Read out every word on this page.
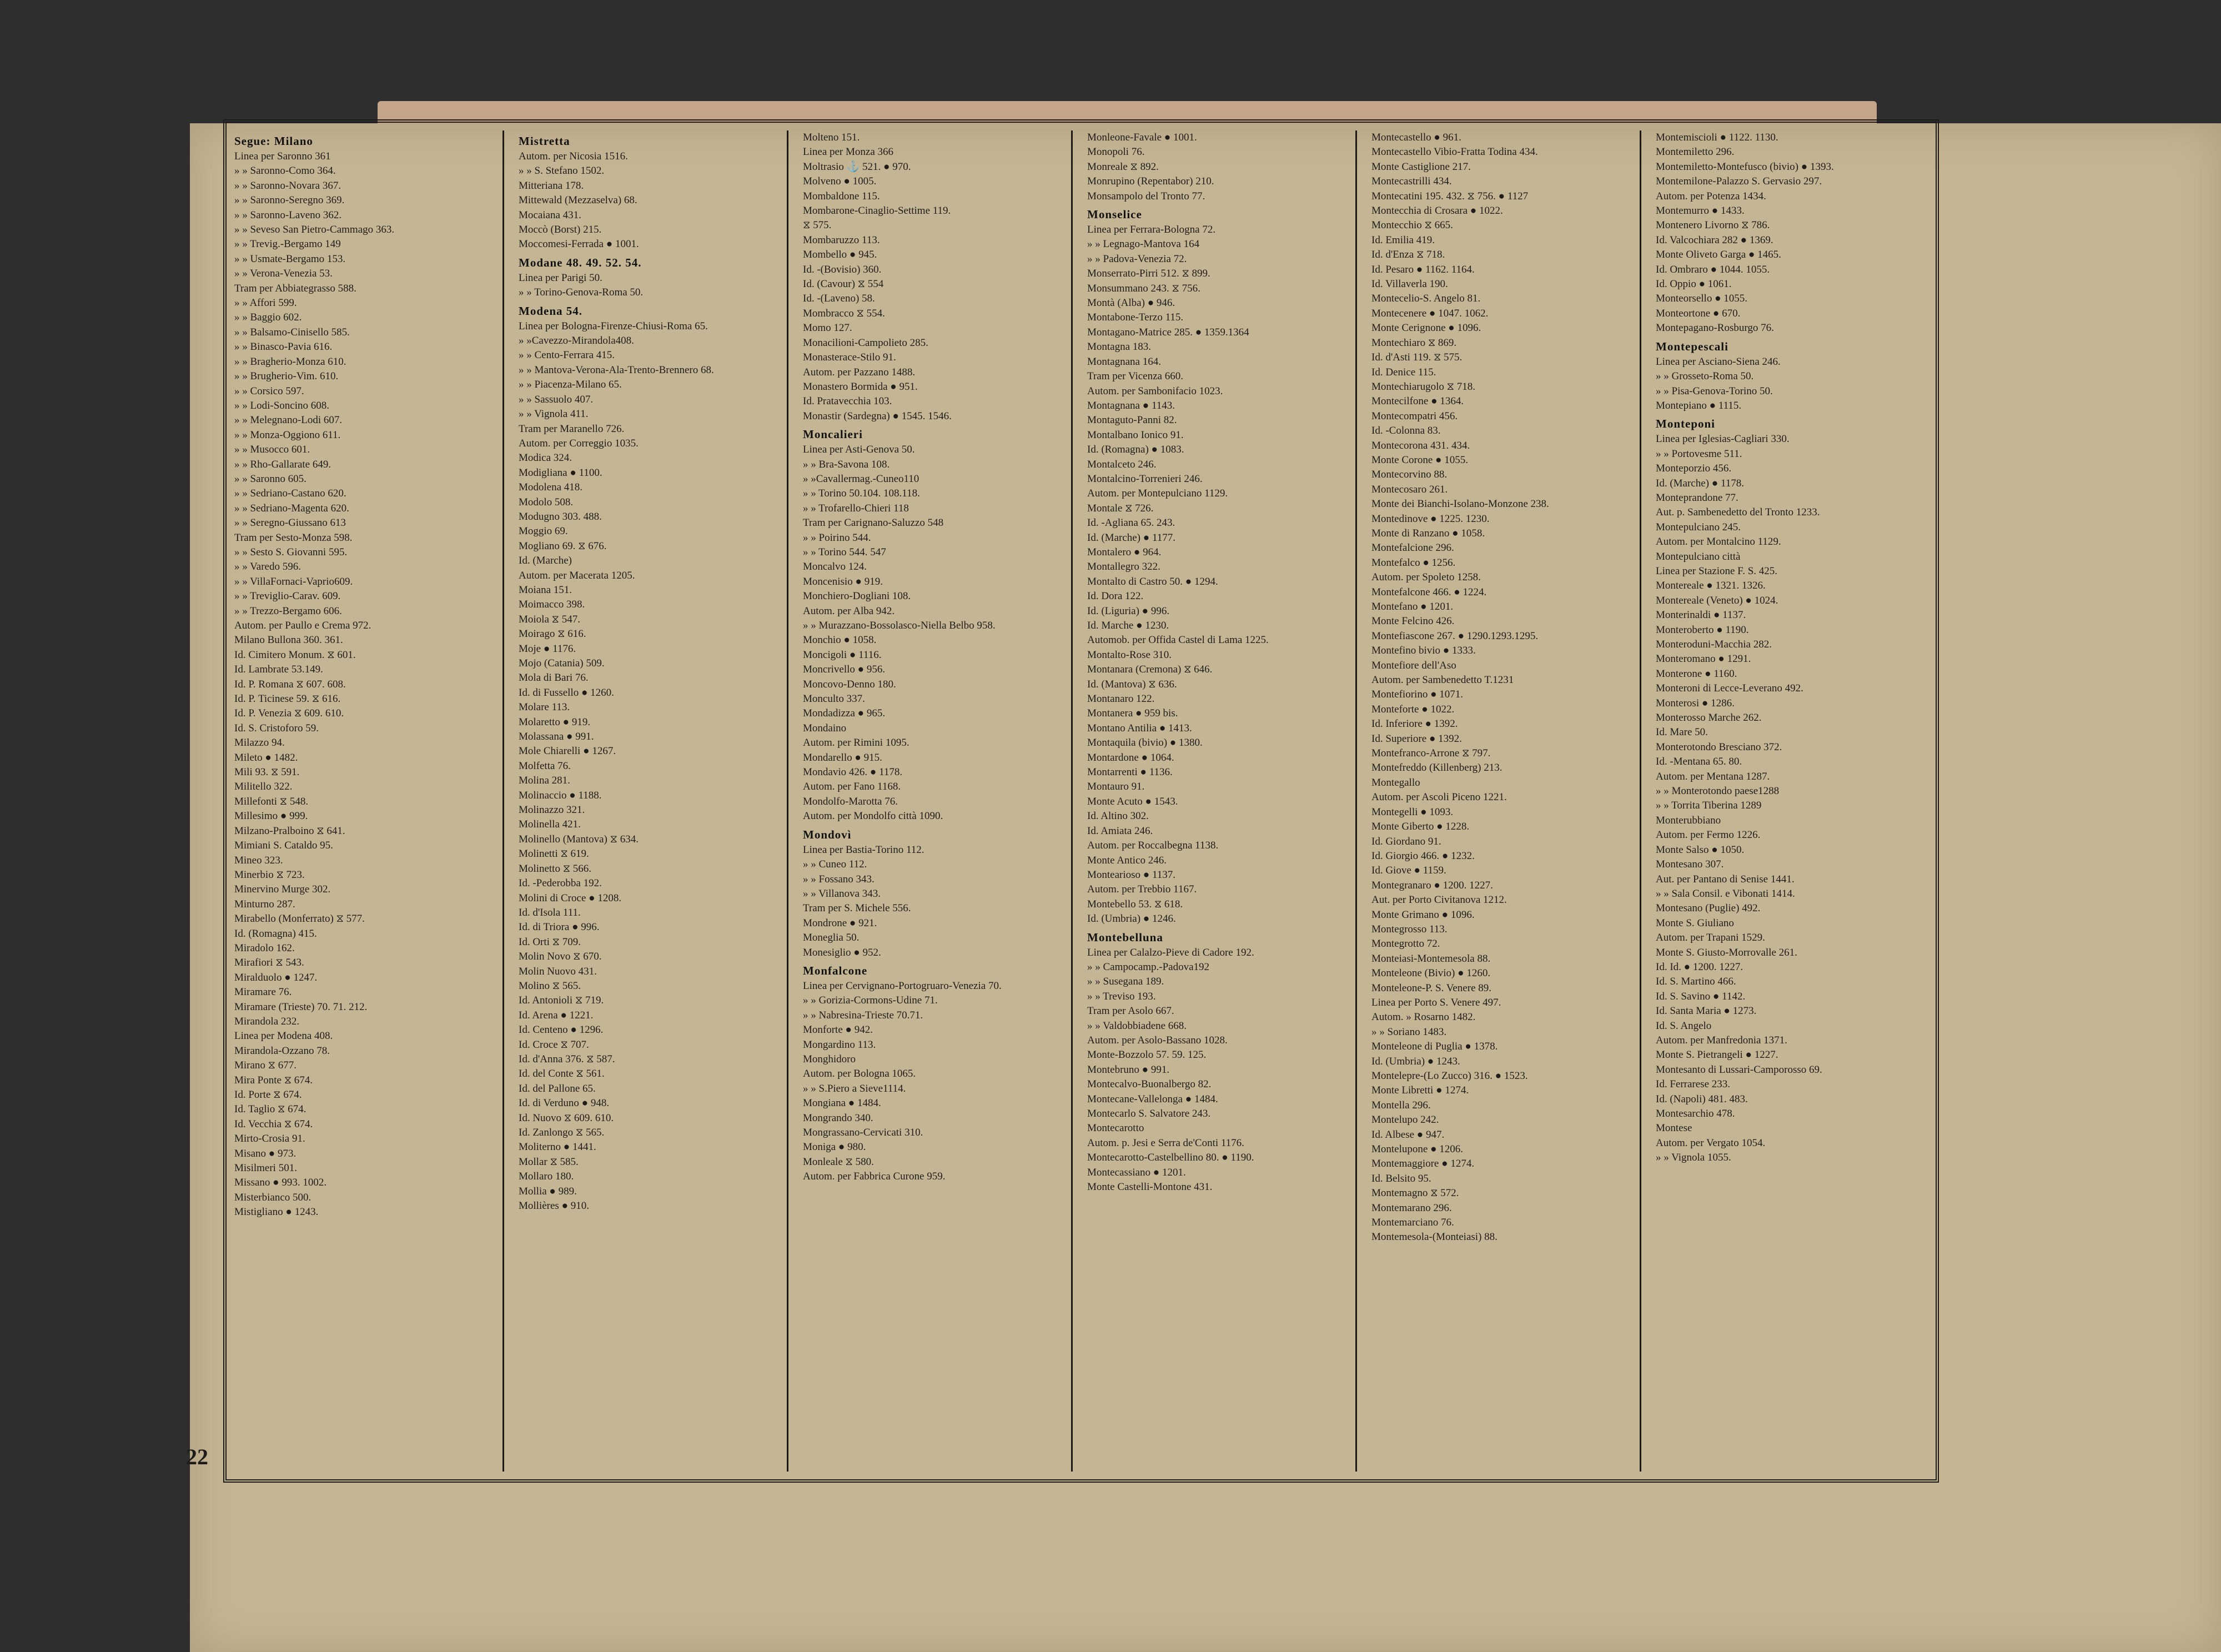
22
Segue: Milano
Linea per Saronno 361
» » Saronno-Como 364.
» » Saronno-Novara 367.
» » Saronno-Seregno 369.
» » Saronno-Laveno 362.
» » Seveso San Pietro-Cammago 363.
» » Trevig.-Bergamo 149
» » Usmate-Bergamo 153.
» » Verona-Venezia 53.
Tram per Abbiategrasso 588.
» » Affori 599.
» » Baggio 602.
» » Balsamo-Cinisello 585.
» » Binasco-Pavia 616.
» » Bragherio-Monza 610.
» » Brugherio-Vim. 610.
» » Corsico 597.
» » Lodi-Soncino 608.
» » Melegnano-Lodi 607.
» » Monza-Oggiono 611.
» » Musocco 601.
» » Rho-Gallarate 649.
» » Saronno 605.
» » Sedriano-Castano 620.
» » Sedriano-Magenta 620.
» » Seregno-Giussano 613
Tram per Sesto-Monza 598.
» » Sesto S. Giovanni 595.
» » Varedo 596.
» » VillaFornaci-Vaprio609.
» » Treviglio-Carav. 609.
» » Trezzo-Bergamo 606.
Autom. per Paullo e Crema 972.
Milano Bullona 360. 361.
Id. Cimitero Monum. ⧖ 601.
Id. Lambrate 53.149.
Id. P. Romana ⧖ 607. 608.
Id. P. Ticinese 59. ⧖ 616.
Id. P. Venezia ⧖ 609. 610.
Id. S. Cristoforo 59.
Milazzo 94.
Mileto ● 1482.
Mili 93. ⧖ 591.
Militello 322.
Millefonti ⧖ 548.
Millesimo ● 999.
Milzano-Pralboino ⧖ 641.
Mimiani S. Cataldo 95.
Mineo 323.
Minerbio ⧖ 723.
Minervino Murge 302.
Minturno 287.
Mirabello (Monferrato) ⧖ 577.
Id. (Romagna) 415.
Miradolo 162.
Mirafiori ⧖ 543.
Miralduolo ● 1247.
Miramare 76.
Miramare (Trieste) 70. 71. 212.
Mirandola 232.
Linea per Modena 408.
Mirandola-Ozzano 78.
Mirano ⧖ 677.
Mira Ponte ⧖ 674.
Id. Porte ⧖ 674.
Id. Taglio ⧖ 674.
Id. Vecchia ⧖ 674.
Mirto-Crosia 91.
Misano ● 973.
Misilmeri 501.
Missano ● 993. 1002.
Misterbianco 500.
Mistigliano ● 1243.
Mistretta
Autom. per Nicosia 1516.
» » S. Stefano 1502.
Mitteriana 178.
Mittewald (Mezzaselva) 68.
Mocaiana 431.
Moccò (Borst) 215.
Moccomesi-Ferrada ● 1001.
Modane 48. 49. 52. 54.
Linea per Parigi 50.
» » Torino-Genova-Roma 50.
Modena 54.
Linea per Bologna-Firenze-Chiusi-Roma 65.
» »Cavezzo-Mirandola408.
» » Cento-Ferrara 415.
» » Mantova-Verona-Ala-Trento-Brennero 68.
» » Piacenza-Milano 65.
» » Sassuolo 407.
» » Vignola 411.
Tram per Maranello 726.
Autom. per Correggio 1035.
Modica 324.
Modigliana ● 1100.
Modolena 418.
Modolo 508.
Modugno 303. 488.
Moggio 69.
Mogliano 69. ⧖ 676.
Id. (Marche)
Autom. per Macerata 1205.
Moiana 151.
Moimacco 398.
Moiola ⧖ 547.
Moirago ⧖ 616.
Moje ● 1176.
Mojo (Catania) 509.
Mola di Bari 76.
Id. di Fussello ● 1260.
Molare 113.
Molaretto ● 919.
Molassana ● 991.
Mole Chiarelli ● 1267.
Molfetta 76.
Molina 281.
Molinaccio ● 1188.
Molinazzo 321.
Molinella 421.
Molinello (Mantova) ⧖ 634.
Molinetti ⧖ 619.
Molinetto ⧖ 566.
Id. -Pederobba 192.
Molini di Croce ● 1208.
Id. d'Isola 111.
Id. di Triora ● 996.
Id. Orti ⧖ 709.
Molin Novo ⧖ 670.
Molin Nuovo 431.
Molino ⧖ 565.
Id. Antonioli ⧖ 719.
Id. Arena ● 1221.
Id. Centeno ● 1296.
Id. Croce ⧖ 707.
Id. d'Anna 376. ⧖ 587.
Id. del Conte ⧖ 561.
Id. del Pallone 65.
Id. di Verduno ● 948.
Id. Nuovo ⧖ 609. 610.
Id. Zanlongo ⧖ 565.
Moliterno ● 1441.
Mollar ⧖ 585.
Mollaro 180.
Mollia ● 989.
Mollières ● 910.
Molteno 151.
Linea per Monza 366
Moltrasio ⚓ 521. ● 970.
Molveno ● 1005.
Mombaldone 115.
Mombarone-Cinaglio-Settime 119.
⧖ 575.
Mombaruzzo 113.
Mombello ● 945.
Id. -(Bovisio) 360.
Id. (Cavour) ⧖ 554
Id. -(Laveno) 58.
Mombracco ⧖ 554.
Momo 127.
Monacilioni-Campolieto 285.
Monasterace-Stilo 91.
Autom. per Pazzano 1488.
Monastero Bormida ● 951.
Id. Pratavecchia 103.
Monastir (Sardegna) ● 1545. 1546.
Moncalieri
Linea per Asti-Genova 50.
» » Bra-Savona 108.
» »Cavallermag.-Cuneo110
» » Torino 50.104. 108.118.
» » Trofarello-Chieri 118
Tram per Carignano-Saluzzo 548
» » Poirino 544.
» » Torino 544. 547
Moncalvo 124.
Moncenisio ● 919.
Monchiero-Dogliani 108.
Autom. per Alba 942.
» » Murazzano-Bossolasco-Niella Belbo 958.
Monchio ● 1058.
Moncigoli ● 1116.
Moncrivello ● 956.
Moncovo-Denno 180.
Monculto 337.
Mondadizza ● 965.
Mondaino
Autom. per Rimini 1095.
Mondarello ● 915.
Mondavio 426. ● 1178.
Autom. per Fano 1168.
Mondolfo-Marotta 76.
Autom. per Mondolfo città 1090.
Mondovì
Linea per Bastia-Torino 112.
» » Cuneo 112.
» » Fossano 343.
» » Villanova 343.
Tram per S. Michele 556.
Mondrone ● 921.
Moneglia 50.
Monesiglio ● 952.
Monfalcone
Linea per Cervignano-Portogruaro-Venezia 70.
» » Gorizia-Cormons-Udine 71.
» » Nabresina-Trieste 70.71.
Monforte ● 942.
Mongardino 113.
Monghidoro
Autom. per Bologna 1065.
» » S.Piero a Sieve1114.
Mongiana ● 1484.
Mongrando 340.
Mongrassano-Cervicati 310.
Moniga ● 980.
Monleale ⧖ 580.
Autom. per Fabbrica Curone 959.
Monleone-Favale ● 1001.
Monopoli 76.
Monreale ⧖ 892.
Monrupino (Repentabor) 210.
Monsampolo del Tronto 77.
Monselice
Linea per Ferrara-Bologna 72.
» » Legnago-Mantova 164
» » Padova-Venezia 72.
Monserrato-Pirri 512. ⧖ 899.
Monsummano 243. ⧖ 756.
Montà (Alba) ● 946.
Montabone-Terzo 115.
Montagano-Matrice 285. ● 1359.1364
Montagna 183.
Montagnana 164.
Tram per Vicenza 660.
Autom. per Sambonifacio 1023.
Montagnana ● 1143.
Montaguto-Panni 82.
Montalbano Ionico 91.
Id. (Romagna) ● 1083.
Montalceto 246.
Montalcino-Torrenieri 246.
Autom. per Montepulciano 1129.
Montale ⧖ 726.
Id. -Agliana 65. 243.
Id. (Marche) ● 1177.
Montalero ● 964.
Montallegro 322.
Montalto di Castro 50. ● 1294.
Id. Dora 122.
Id. (Liguria) ● 996.
Id. Marche ● 1230.
Automob. per Offida Castel di Lama 1225.
Montalto-Rose 310.
Montanara (Cremona) ⧖ 646.
Id. (Mantova) ⧖ 636.
Montanaro 122.
Montanera ● 959 bis.
Montano Antilia ● 1413.
Montaquila (bivio) ● 1380.
Montardone ● 1064.
Montarrenti ● 1136.
Montauro 91.
Monte Acuto ● 1543.
Id. Altino 302.
Id. Amiata 246.
Autom. per Roccalbegna 1138.
Monte Antico 246.
Montearioso ● 1137.
Autom. per Trebbio 1167.
Montebello 53. ⧖ 618.
Id. (Umbria) ● 1246.
Montebelluna
Linea per Calalzo-Pieve di Cadore 192.
» » Campocamp.-Padova192
» » Susegana 189.
» » Treviso 193.
Tram per Asolo 667.
» » Valdobbiadene 668.
Autom. per Asolo-Bassano 1028.
Monte-Bozzolo 57. 59. 125.
Montebruno ● 991.
Montecalvo-Buonalbergo 82.
Montecane-Vallelonga ● 1484.
Montecarlo S. Salvatore 243.
Montecarotto
Autom. p. Jesi e Serra de'Conti 1176.
Montecarotto-Castelbellino 80. ● 1190.
Montecassiano ● 1201.
Monte Castelli-Montone 431.
Montecastello ● 961.
Montecastello Vibio-Fratta Todina 434.
Monte Castiglione 217.
Montecastrilli 434.
Montecatini 195. 432. ⧖ 756. ● 1127
Montecchia di Crosara ● 1022.
Montecchio ⧖ 665.
Id. Emilia 419.
Id. d'Enza ⧖ 718.
Id. Pesaro ● 1162. 1164.
Id. Villaverla 190.
Montecelio-S. Angelo 81.
Montecenere ● 1047. 1062.
Monte Cerignone ● 1096.
Montechiaro ⧖ 869.
Id. d'Asti 119. ⧖ 575.
Id. Denice 115.
Montechiarugolo ⧖ 718.
Montecilfone ● 1364.
Montecompatri 456.
Id. -Colonna 83.
Montecorona 431. 434.
Monte Corone ● 1055.
Montecorvino 88.
Montecosaro 261.
Monte dei Bianchi-Isolano-Monzone 238.
Montedinove ● 1225. 1230.
Monte di Ranzano ● 1058.
Montefalcione 296.
Montefalco ● 1256.
Autom. per Spoleto 1258.
Montefalcone 466. ● 1224.
Montefano ● 1201.
Monte Felcino 426.
Montefiascone 267. ● 1290.1293.1295.
Montefino bivio ● 1333.
Montefiore dell'Aso
Autom. per Sambenedetto T.1231
Montefiorino ● 1071.
Monteforte ● 1022.
Id. Inferiore ● 1392.
Id. Superiore ● 1392.
Montefranco-Arrone ⧖ 797.
Montefreddo (Killenberg) 213.
Montegallo
Autom. per Ascoli Piceno 1221.
Montegelli ● 1093.
Monte Giberto ● 1228.
Id. Giordano 91.
Id. Giorgio 466. ● 1232.
Id. Giove ● 1159.
Montegranaro ● 1200. 1227.
Aut. per Porto Civitanova 1212.
Monte Grimano ● 1096.
Montegrosso 113.
Montegrotto 72.
Monteiasi-Montemesola 88.
Monteleone (Bivio) ● 1260.
Monteleone-P. S. Venere 89.
Linea per Porto S. Venere 497.
Autom. » Rosarno 1482.
» » Soriano 1483.
Monteleone di Puglia ● 1378.
Id. (Umbria) ● 1243.
Montelepre-(Lo Zucco) 316. ● 1523.
Monte Libretti ● 1274.
Montella 296.
Montelupo 242.
Id. Albese ● 947.
Montelupone ● 1206.
Montemaggiore ● 1274.
Id. Belsito 95.
Montemagno ⧖ 572.
Montemarano 296.
Montemarciano 76.
Montemesola-(Monteiasi) 88.
Montemiscioli ● 1122. 1130.
Montemiletto 296.
Montemiletto-Montefusco (bivio) ● 1393.
Montemilone-Palazzo S. Gervasio 297.
Autom. per Potenza 1434.
Montemurro ● 1433.
Montenero Livorno ⧖ 786.
Id. Valcochiara 282 ● 1369.
Monte Oliveto Garga ● 1465.
Id. Ombraro ● 1044. 1055.
Id. Oppio ● 1061.
Monteorsello ● 1055.
Monteortone ● 670.
Montepagano-Rosburgo 76.
Montepescali
Linea per Asciano-Siena 246.
» » Grosseto-Roma 50.
» » Pisa-Genova-Torino 50.
Montepiano ● 1115.
Monteponi
Linea per Iglesias-Cagliari 330.
» » Portovesme 511.
Monteporzio 456.
Id. (Marche) ● 1178.
Monteprandone 77.
Aut. p. Sambenedetto del Tronto 1233.
Montepulciano 245.
Autom. per Montalcino 1129.
Montepulciano città
Linea per Stazione F. S. 425.
Montereale ● 1321. 1326.
Montereale (Veneto) ● 1024.
Monterinaldi ● 1137.
Monteroberto ● 1190.
Monteroduni-Macchia 282.
Monteromano ● 1291.
Monterone ● 1160.
Monteroni di Lecce-Leverano 492.
Monterosi ● 1286.
Monterosso Marche 262.
Id. Mare 50.
Monterotondo Bresciano 372.
Id. -Mentana 65. 80.
Autom. per Mentana 1287.
» » Monterotondo paese1288
» » Torrita Tiberina 1289
Monterubbiano
Autom. per Fermo 1226.
Monte Salso ● 1050.
Montesano 307.
Aut. per Pantano di Senise 1441.
» » Sala Consil. e Vibonati 1414.
Montesano (Puglie) 492.
Monte S. Giuliano
Autom. per Trapani 1529.
Monte S. Giusto-Morrovalle 261.
Id. Id. ● 1200. 1227.
Id. S. Martino 466.
Id. S. Savino ● 1142.
Id. Santa Maria ● 1273.
Id. S. Angelo
Autom. per Manfredonia 1371.
Monte S. Pietrangeli ● 1227.
Montesanto di Lussari-Camporosso 69.
Id. Ferrarese 233.
Id. (Napoli) 481. 483.
Montesarchio 478.
Montese
Autom. per Vergato 1054.
» » Vignola 1055.
